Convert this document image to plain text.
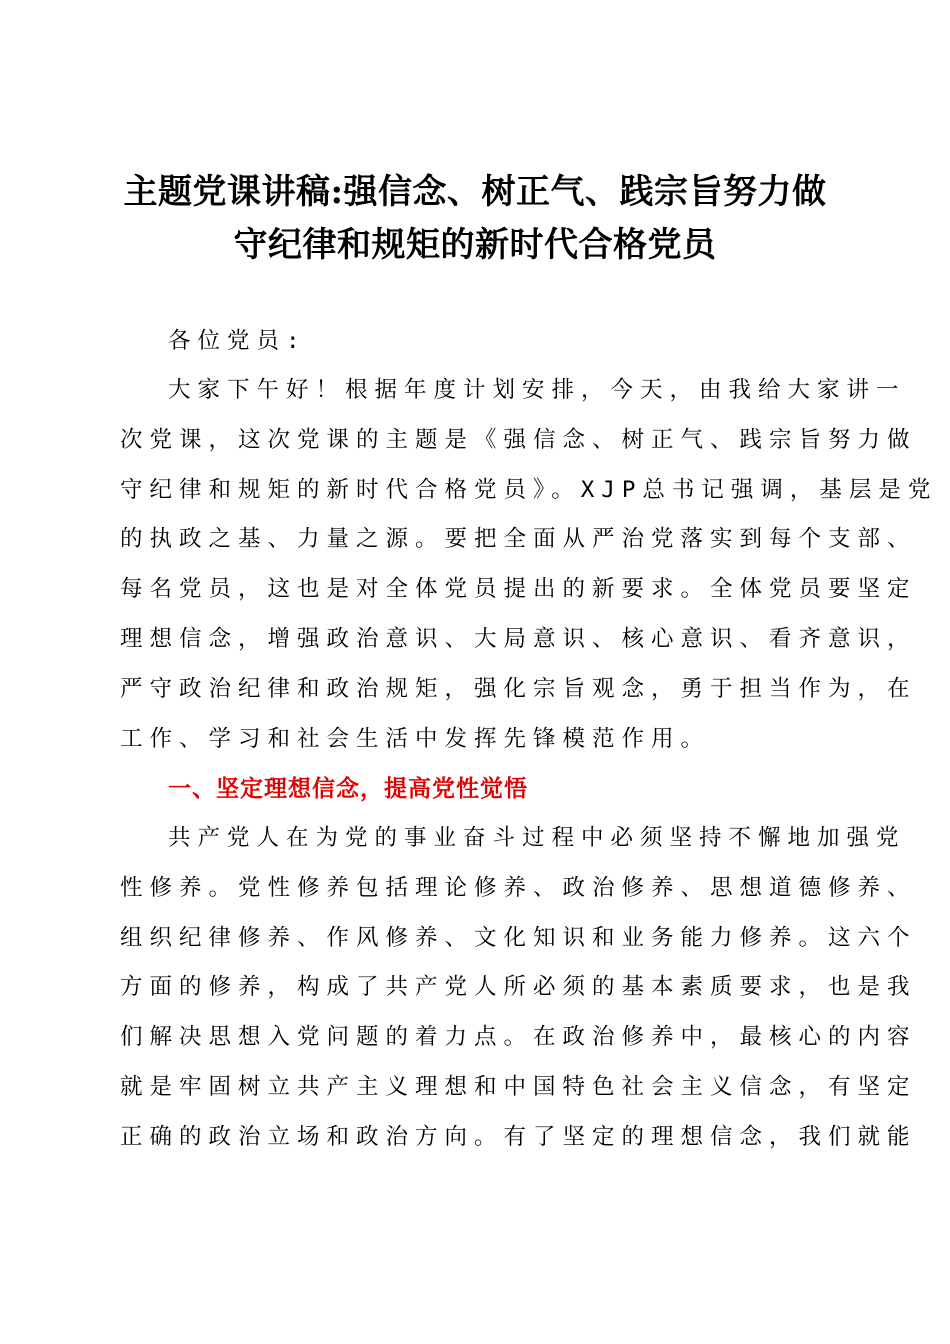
主题党课讲稿:强信念、树正气、践宗旨努力做
守纪律和规矩的新时代合格党员
各位党员:
大家下午好！根据年度计划安排，今天，由我给大家讲一
次党课，这次党课的主题是《强信念、树正气、践宗旨努力做
守纪律和规矩的新时代合格党员》。XJP总书记强调，基层是党
的执政之基、力量之源。要把全面从严治党落实到每个支部、
每名党员，这也是对全体党员提出的新要求。全体党员要坚定
理想信念，增强政治意识、大局意识、核心意识、看齐意识，
严守政治纪律和政治规矩，强化宗旨观念，勇于担当作为，在
工作、学习和社会生活中发挥先锋模范作用。
一、坚定理想信念，提高党性觉悟
共产党人在为党的事业奋斗过程中必须坚持不懈地加强党
性修养。党性修养包括理论修养、政治修养、思想道德修养、
组织纪律修养、作风修养、文化知识和业务能力修养。这六个
方面的修养，构成了共产党人所必须的基本素质要求，也是我
们解决思想入党问题的着力点。在政治修养中，最核心的内容
就是牢固树立共产主义理想和中国特色社会主义信念，有坚定
正确的政治立场和政治方向。有了坚定的理想信念，我们就能
